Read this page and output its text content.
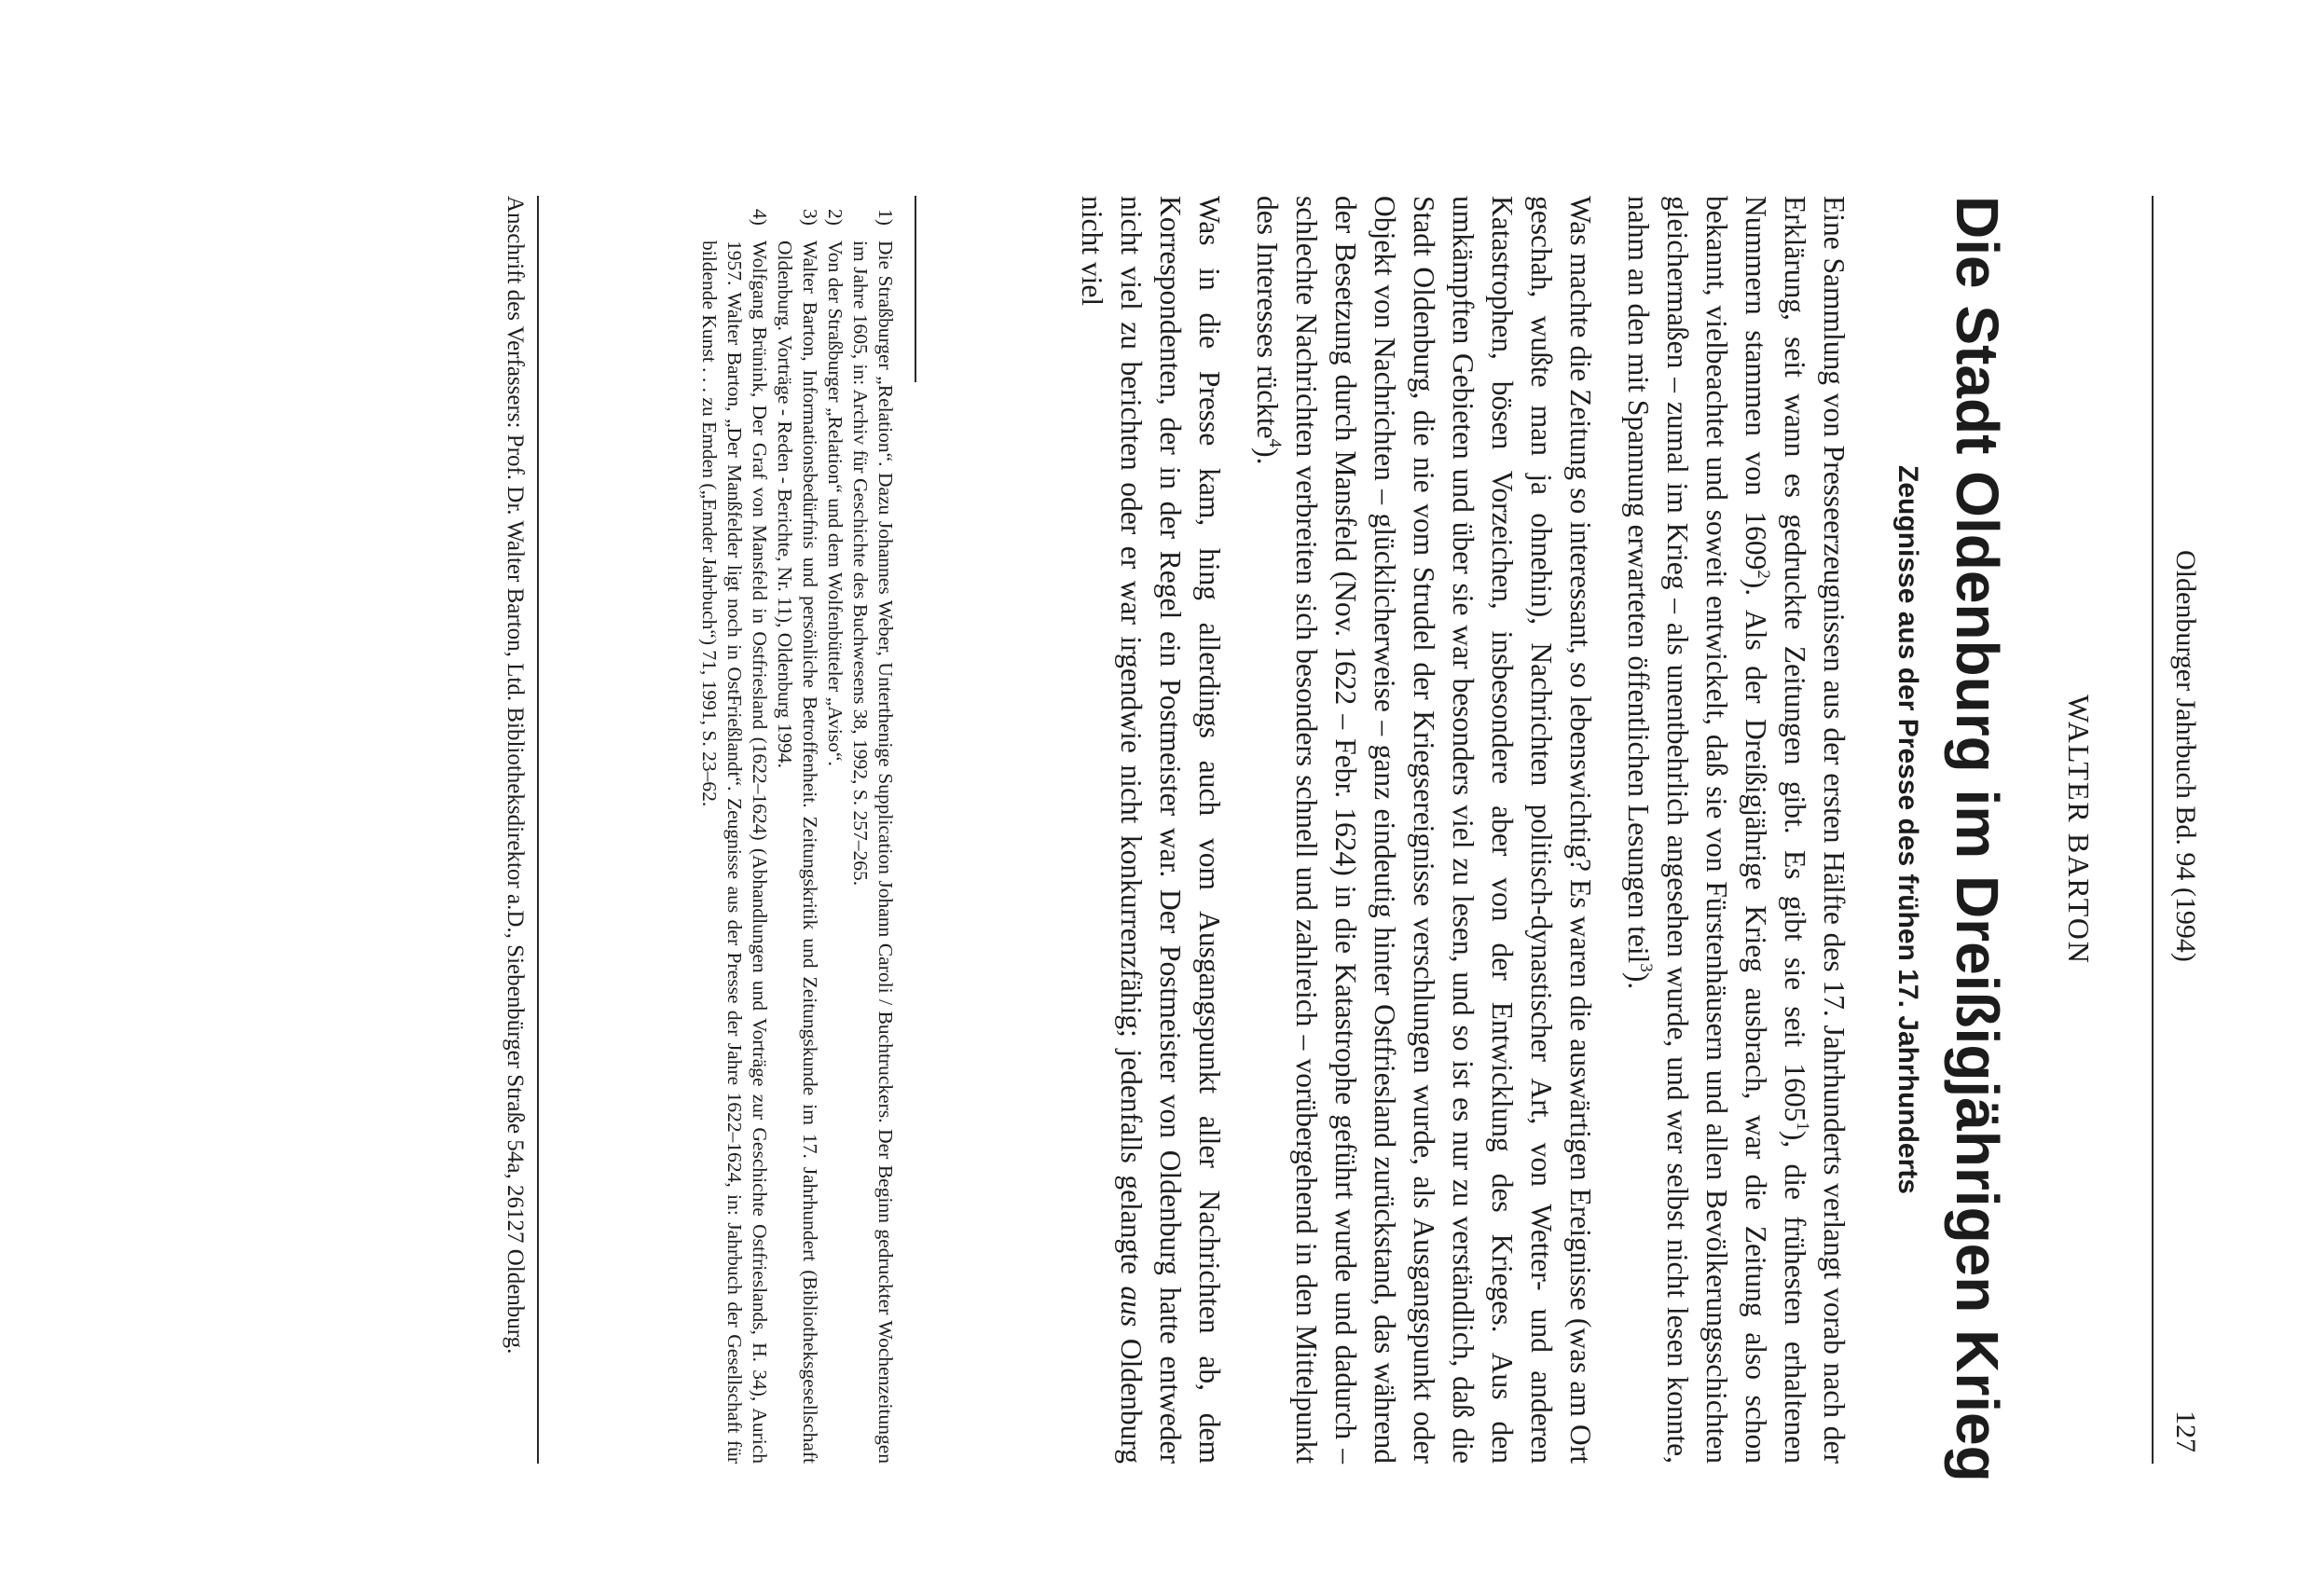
Oldenburger Jahrbuch Bd. 94 (1994)
127
WALTER BARTON
Die Stadt Oldenburg im Dreißigjährigen Krieg
Zeugnisse aus der Presse des frühen 17. Jahrhunderts

Eine Sammlung von Presseerzeugnissen aus der ersten Hälfte des 17. Jahrhunderts verlangt vorab nach der Erklärung, seit wann es gedruckte Zeitungen gibt. Es gibt sie seit 1605$^1$), die frühesten erhaltenen Nummern stammen von 1609$^2$). Als der Dreißigjährige Krieg ausbrach, war die Zeitung also schon bekannt, vielbeachtet und soweit entwickelt, daß sie von Fürstenhäusern und allen Bevölkerungsschichten gleichermaßen – zumal im Krieg – als unentbehrlich angesehen wurde, und wer selbst nicht lesen konnte, nahm an den mit Spannung erwarteten öffentlichen Lesungen teil$^3$).

Was machte die Zeitung so interessant, so lebenswichtig? Es waren die auswärtigen Ereignisse (was am Ort geschah, wußte man ja ohnehin), Nachrichten politisch-dynastischer Art, von Wetter- und anderen Katastrophen, bösen Vorzeichen, insbesondere aber von der Entwicklung des Krieges. Aus den umkämpften Gebieten und über sie war besonders viel zu lesen, und so ist es nur zu verständlich, daß die Stadt Oldenburg, die nie vom Strudel der Kriegsereignisse verschlungen wurde, als Ausgangspunkt oder Objekt von Nachrichten – glücklicherweise – ganz eindeutig hinter Ostfriesland zurückstand, das während der Besetzung durch Mansfeld (Nov. 1622 – Febr. 1624) in die Katastrophe geführt wurde und dadurch – schlechte Nachrichten verbreiten sich besonders schnell und zahlreich – vorübergehend in den Mittelpunkt des Interesses rückte$^4$).

Was in die Presse kam, hing allerdings auch vom Ausgangspunkt aller Nachrichten ab, dem Korrespondenten, der in der Regel ein Postmeister war. Der Postmeister von Oldenburg hatte entweder nicht viel zu berichten oder er war irgendwie nicht konkurrenzfähig; jedenfalls gelangte aus Oldenburg nicht viel

1)
Die Straßburger „Relation“. Dazu Johannes Weber, Unterthenige Supplication Johann Caroli / Buchtruckers. Der Beginn gedruckter Wochenzeitungen im Jahre 1605, in: Archiv für Geschichte des Buchwesens 38, 1992, S. 257–265.

2)
Von der Straßburger „Relation“ und dem Wolfenbütteler „Aviso“.

3)
Walter Barton, Informationsbedürfnis und persönliche Betroffenheit. Zeitungskritik und Zeitungskunde im 17. Jahrhundert (Bibliotheksgesellschaft Oldenburg. Vorträge - Reden - Berichte, Nr. 11), Oldenburg 1994.

4)
Wolfgang Brünink, Der Graf von Mansfeld in Ostfriesland (1622–1624) (Abhandlungen und Vorträge zur Geschichte Ostfrieslands, H. 34), Aurich 1957. Walter Barton, „Der Manßfelder ligt noch in OstFrießlandt“. Zeugnisse aus der Presse der Jahre 1622–1624, in: Jahrbuch der Gesellschaft für bildende Kunst . . . zu Emden („Emder Jahrbuch“) 71, 1991, S. 23–62.

Anschrift des Verfassers: Prof. Dr. Walter Barton, Ltd. Bibliotheksdirektor a.D., Siebenbürger Straße 54a, 26127 Oldenburg.
